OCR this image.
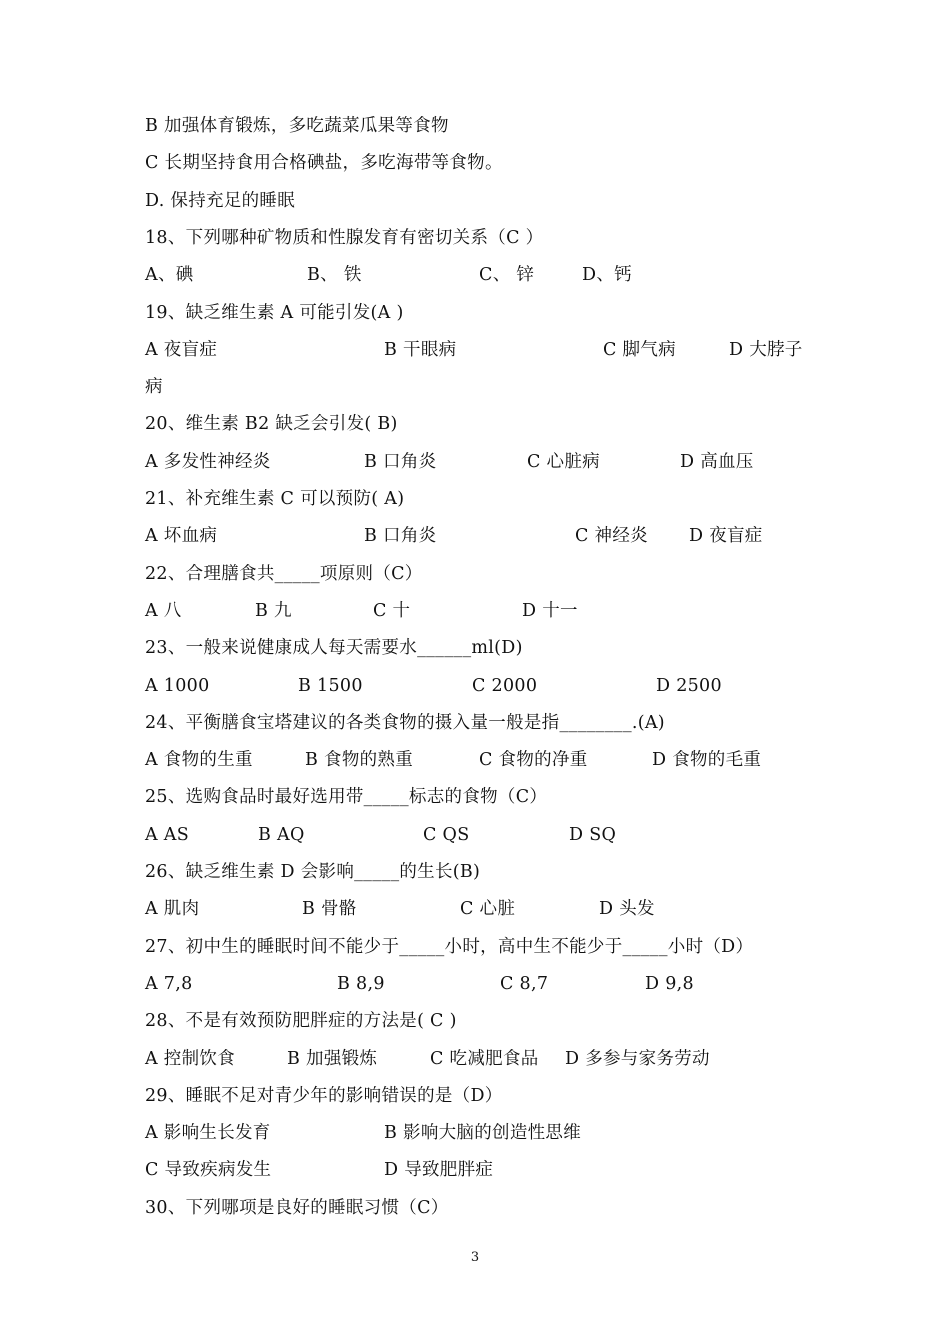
B 加强体育锻炼，多吃蔬菜瓜果等食物
C 长期坚持食用合格碘盐，多吃海带等食物。
D. 保持充足的睡眠
18、下列哪种矿物质和性腺发育有密切关系（C ）
A、碘	B、 铁	C、 锌	D、钙
19、缺乏维生素 A 可能引发(A )
A 夜盲症	B 干眼病	C 脚气病	D 大脖子
病
20、维生素 B2 缺乏会引发( B)
A 多发性神经炎	B 口角炎	C 心脏病	D 高血压
21、补充维生素 C 可以预防( A)
A 坏血病	B 口角炎	C 神经炎 D 夜盲症
22、合理膳食共_____项原则（C）
A 八	B 九	C 十	D 十一
23、一般来说健康成人每天需要水______ml(D)
A 1000	B 1500	C 2000	D 2500
24、平衡膳食宝塔建议的各类食物的摄入量一般是指________.(A)
A 食物的生重	B 食物的熟重	C 食物的净重	D 食物的毛重
25、选购食品时最好选用带_____标志的食物（C）
A AS	B AQ	C QS	D SQ
26、缺乏维生素 D 会影响_____的生长(B)
A 肌肉	B 骨骼	C 心脏	D 头发
27、初中生的睡眠时间不能少于_____小时，高中生不能少于_____小时（D）
A 7,8	B 8,9	C 8,7	D 9,8
28、不是有效预防肥胖症的方法是( C )
A 控制饮食	B 加强锻炼	C 吃减肥食品 D 多参与家务劳动
29、睡眠不足对青少年的影响错误的是（D）
A 影响生长发育	B 影响大脑的创造性思维
C 导致疾病发生	D 导致肥胖症
30、下列哪项是良好的睡眠习惯（C）
3
